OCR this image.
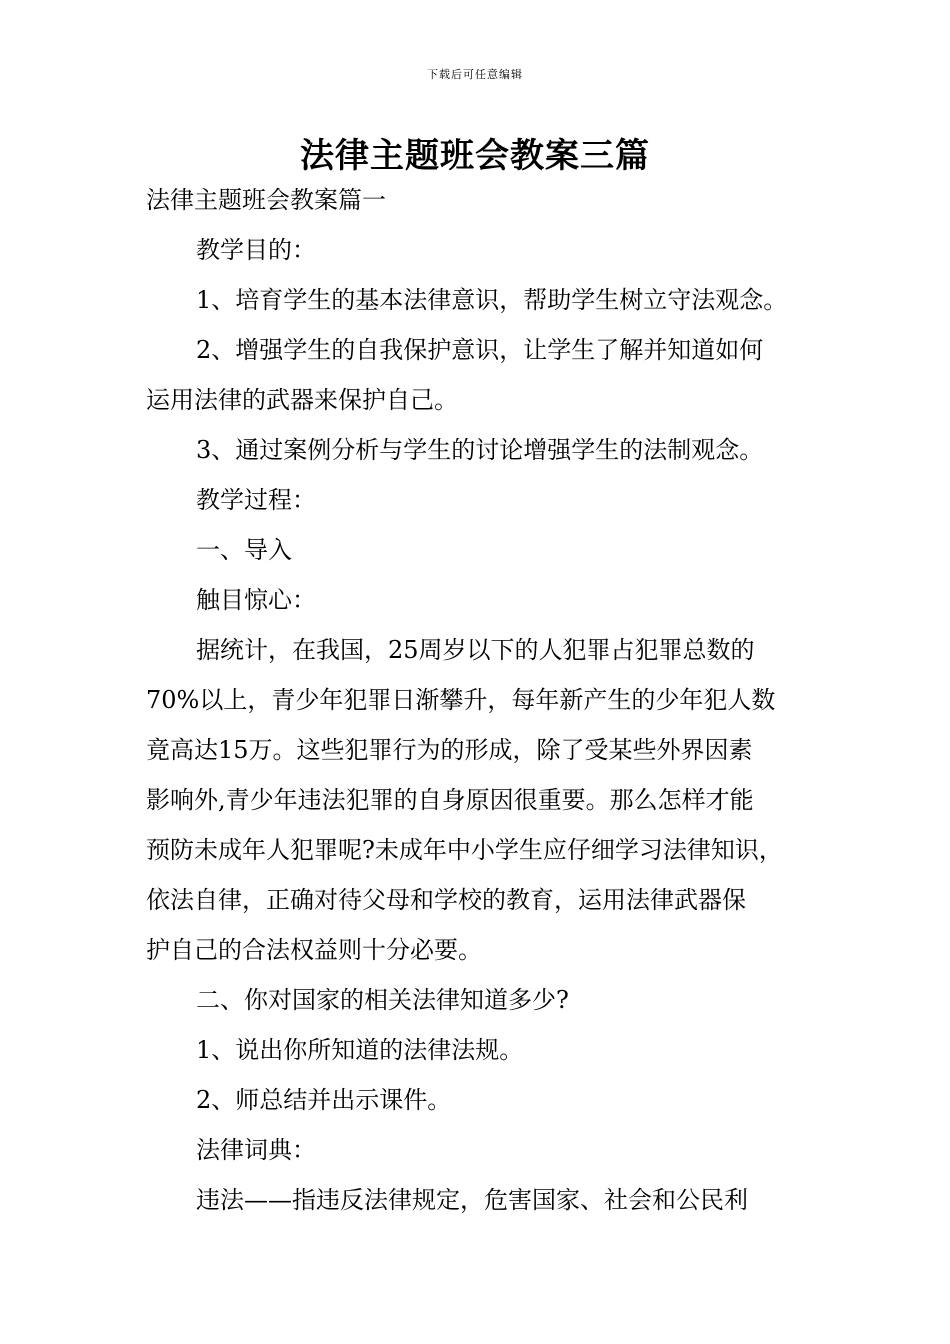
下载后可任意编辑
法律主题班会教案三篇
法律主题班会教案篇一
教学目的：
1、培育学生的基本法律意识，帮助学生树立守法观念。
2、增强学生的自我保护意识，让学生了解并知道如何
运用法律的武器来保护自己。
3、通过案例分析与学生的讨论增强学生的法制观念。
教学过程：
一、导入
触目惊心：
据统计，在我国，25周岁以下的人犯罪占犯罪总数的
70%以上，青少年犯罪日渐攀升，每年新产生的少年犯人数
竟高达15万。这些犯罪行为的形成，除了受某些外界因素
影响外,青少年违法犯罪的自身原因很重要。那么怎样才能
预防未成年人犯罪呢?未成年中小学生应仔细学习法律知识，
依法自律，正确对待父母和学校的教育，运用法律武器保
护自己的合法权益则十分必要。
二、你对国家的相关法律知道多少?
1、说出你所知道的法律法规。
2、师总结并出示课件。
法律词典：
违法——指违反法律规定，危害国家、社会和公民利
